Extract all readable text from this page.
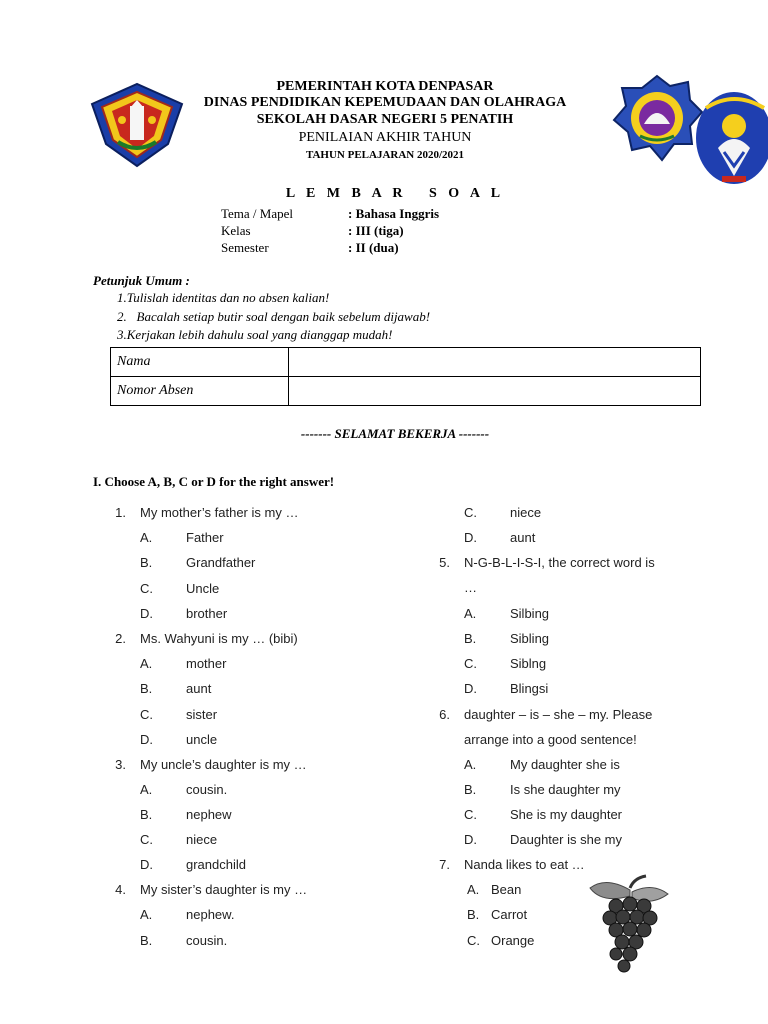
PEMERINTAH KOTA DENPASAR
DINAS PENDIDIKAN KEPEMUDAAN DAN OLAHRAGA
SEKOLAH DASAR NEGERI 5 PENATIH
PENILAIAN AKHIR TAHUN
TAHUN PELAJARAN 2020/2021
L E M B A R   S O A L
Tema / Mapel	: Bahasa Inggris
Kelas	: III (tiga)
Semester	: II (dua)
Petunjuk Umum :
1.Tulislah identitas dan no absen kalian!
2.   Bacalah setiap butir soal dengan baik sebelum dijawab!
3.Kerjakan lebih dahulu soal yang dianggap mudah!
Nama	
Nomor Absen	
------- SELAMAT BEKERJA -------
I. Choose A, B, C or D for the right answer!
1. My mother’s father is my …
A.	Father
B.	Grandfather
C.	Uncle
D.	brother
2. Ms. Wahyuni is my … (bibi)
A.	mother
B.	aunt
C.	sister
D.	uncle
3. My uncle’s daughter is my …
A.	cousin.
B.	nephew
C.	niece
D.	grandchild
4. My sister’s daughter is my …
A.	nephew.
B.	cousin.
C.	niece
D.	aunt
5. N-G-B-L-I-S-I, the correct word is
…
A.	Silbing
B.	Sibling
C.	Siblng
D.	Blingsi
6. daughter – is – she – my. Please
arrange into a good sentence!
A.	My daughter she is
B.	Is she daughter my
C.	She is my daughter
D.	Daughter is she my
7. Nanda likes to eat …
A. Bean
B. Carrot
C. Orange
